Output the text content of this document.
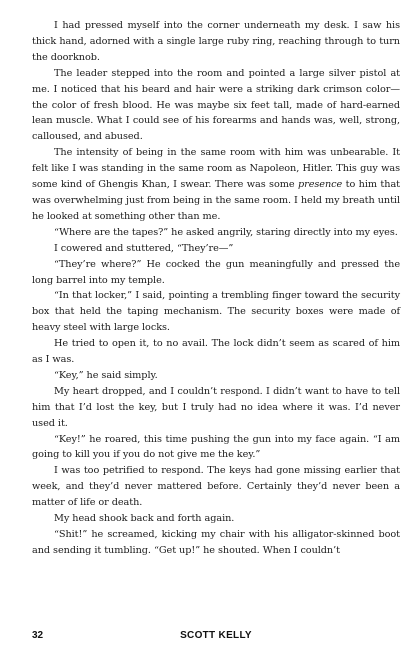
I had pressed myself into the corner underneath my desk. I saw his thick hand, adorned with a single large ruby ring, reaching through to turn the doorknob.

The leader stepped into the room and pointed a large silver pistol at me. I noticed that his beard and hair were a striking dark crimson color—the color of fresh blood. He was maybe six feet tall, made of hard-earned lean muscle. What I could see of his forearms and hands was, well, strong, calloused, and abused.

The intensity of being in the same room with him was unbearable. It felt like I was standing in the same room as Napoleon, Hitler. This guy was some kind of Ghengis Khan, I swear. There was some presence to him that was overwhelming just from being in the same room. I held my breath until he looked at something other than me.

“Where are the tapes?” he asked angrily, staring directly into my eyes.

I cowered and stuttered, “They’re—”

“They’re where?” He cocked the gun meaningfully and pressed the long barrel into my temple.

“In that locker,” I said, pointing a trembling finger toward the security box that held the taping mechanism. The security boxes were made of heavy steel with large locks.

He tried to open it, to no avail. The lock didn’t seem as scared of him as I was.

“Key,” he said simply.

My heart dropped, and I couldn’t respond. I didn’t want to have to tell him that I’d lost the key, but I truly had no idea where it was. I’d never used it.

“Key!” he roared, this time pushing the gun into my face again. “I am going to kill you if you do not give me the key.”

I was too petrified to respond. The keys had gone missing earlier that week, and they’d never mattered before. Certainly they’d never been a matter of life or death.

My head shook back and forth again.

“Shit!” he screamed, kicking my chair with his alligator-skinned boot and sending it tumbling. “Get up!” he shouted. When I couldn’t

32	SCOTT KELLY
